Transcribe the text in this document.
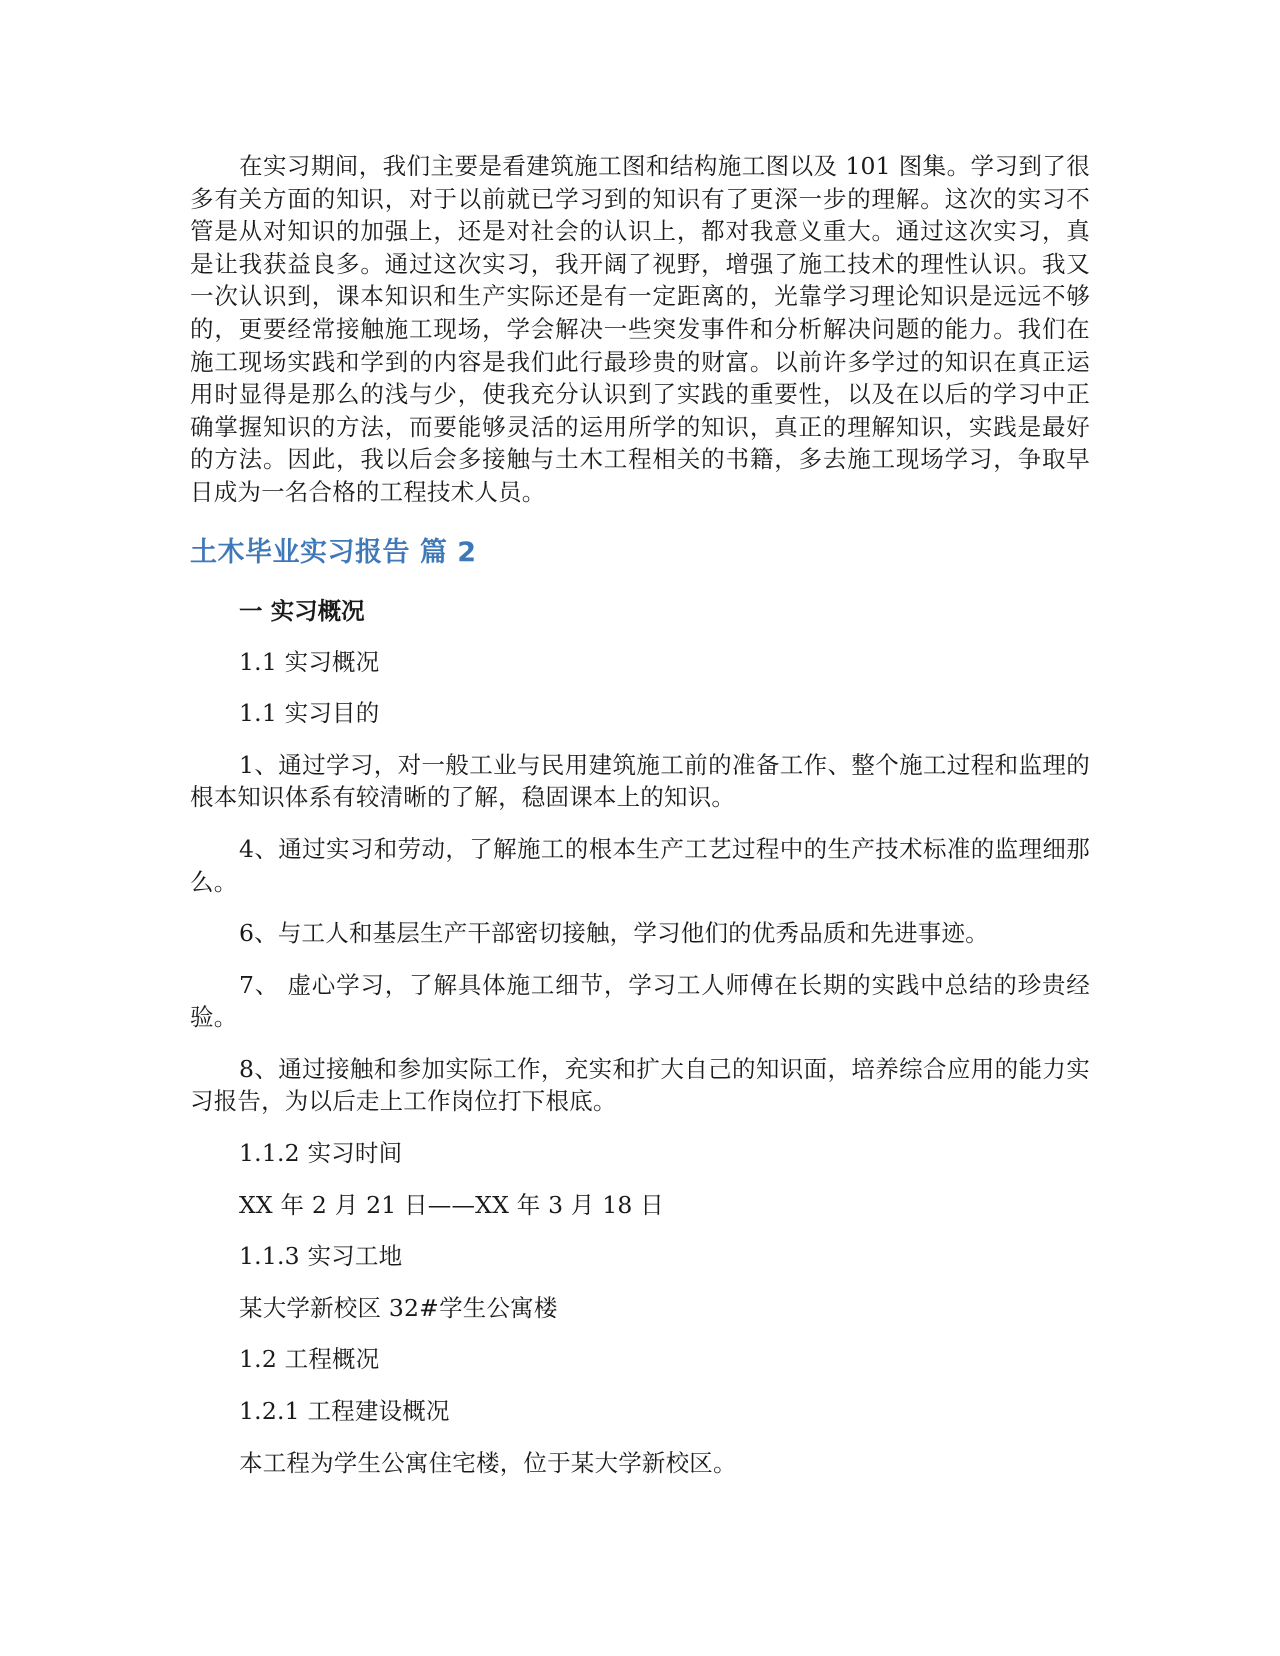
在实习期间，我们主要是看建筑施工图和结构施工图以及 101 图集。学习到了很多有关方面的知识，对于以前就已学习到的知识有了更深一步的理解。这次的实习不管是从对知识的加强上，还是对社会的认识上，都对我意义重大。通过这次实习，真是让我获益良多。通过这次实习，我开阔了视野，增强了施工技术的理性认识。我又一次认识到，课本知识和生产实际还是有一定距离的，光靠学习理论知识是远远不够的，更要经常接触施工现场，学会解决一些突发事件和分析解决问题的能力。我们在施工现场实践和学到的内容是我们此行最珍贵的财富。以前许多学过的知识在真正运用时显得是那么的浅与少，使我充分认识到了实践的重要性，以及在以后的学习中正确掌握知识的方法，而要能够灵活的运用所学的知识，真正的理解知识，实践是最好的方法。因此，我以后会多接触与土木工程相关的书籍，多去施工现场学习，争取早日成为一名合格的工程技术人员。

土木毕业实习报告 篇 2

一 实习概况

1.1 实习概况

1.1 实习目的

1、通过学习，对一般工业与民用建筑施工前的准备工作、整个施工过程和监理的根本知识体系有较清晰的了解，稳固课本上的知识。

4、通过实习和劳动，了解施工的根本生产工艺过程中的生产技术标准的监理细那么。

6、与工人和基层生产干部密切接触，学习他们的优秀品质和先进事迹。

7、 虚心学习，了解具体施工细节，学习工人师傅在长期的实践中总结的珍贵经验。

8、通过接触和参加实际工作，充实和扩大自己的知识面，培养综合应用的能力实习报告，为以后走上工作岗位打下根底。

1.1.2 实习时间

XX 年 2 月 21 日——XX 年 3 月 18 日

1.1.3 实习工地

某大学新校区 32#学生公寓楼

1.2 工程概况

1.2.1 工程建设概况

本工程为学生公寓住宅楼，位于某大学新校区。
